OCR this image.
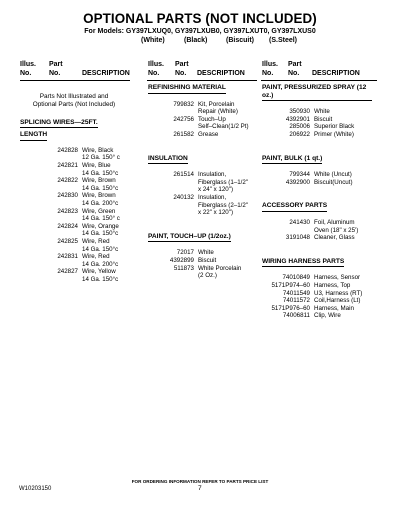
OPTIONAL PARTS (NOT INCLUDED)
For Models: GY397LXUQ0, GY397LXUB0, GY397LXUT0, GY397LXUS0
(White)	(Black)	(Biscuit) (S.Steel)
Illus.
No.
Part
No.	DESCRIPTION
Illus.
No.
Part
No.	DESCRIPTION
Illus.
No.
Part
No.	DESCRIPTION
Parts Not Illustrated and
Optional Parts (Not Included)
SPLICING WIRES—25FT.
LENGTH
242828 Wire, Black
12 Ga. 150° c
242821 Wire, Blue
14 Ga. 150°c
242822 Wire, Brown
14 Ga. 150°c
242830 Wire, Brown
14 Ga. 200°c
242823 Wire, Green
14 Ga. 150° c
242824 Wire, Orange
14 Ga. 150°c
242825 Wire, Red
14 Ga. 150°c
242831 Wire, Red
14 Ga. 200°c
242827 Wire, Yellow
14 Ga. 150°c
REFINISHING MATERIAL
799832 Kit, Porcelain
Repair (White)
242756 Touch–Up
Self–Clean(1/2 Pt)
261582 Grease
INSULATION
261514 Insulation,
Fiberglass (1–1/2"
x 24" x 120")
240132 Insulation,
Fiberglass (2–1/2"
x 22" x 120")
PAINT, TOUCH–UP (1/2oz.)
72017 White
4392899 Biscuit
511873 White Porcelain
(2 Oz.)
PAINT, PRESSURIZED SPRAY (12 oz.)
350930 White
4392901 Biscuit
285006 Superior Black
206922 Primer (White)
PAINT, BULK (1 qt.)
799344 White (Uncut)
4392900 Biscuit(Uncut)
ACCESSORY PARTS
241430 Foil, Aluminum
Oven (18" x 25')
3191048 Cleaner, Glass
WIRING HARNESS PARTS
74010849 Harness, Sensor
5171P974–60 Harness, Top
74011549 U3, Harness (RT)
74011572 Coil,Harness (Lt)
5171P976–60 Harness, Main
74006811 Clip, Wire
FOR ORDERING INFORMATION REFER TO PARTS PRICE LIST
W10203150	7
